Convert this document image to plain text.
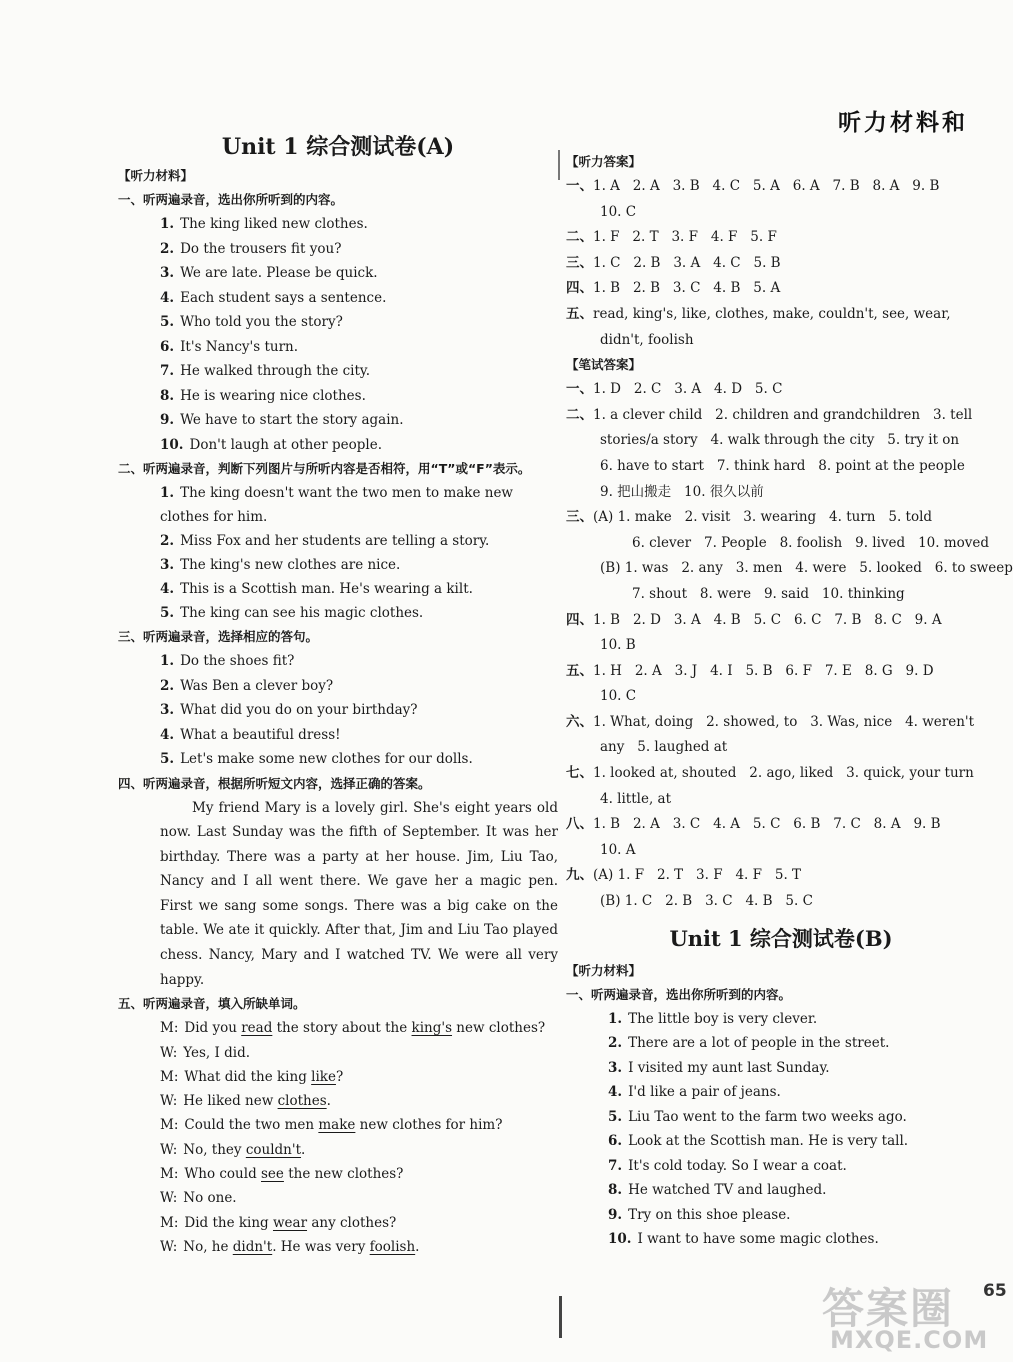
听力材料和
Unit 1 综合测试卷(A)
【听力材料】
一、听两遍录音，选出你所听到的内容。
1. The king liked new clothes.
2. Do the trousers fit you?
3. We are late. Please be quick.
4. Each student says a sentence.
5. Who told you the story?
6. It's Nancy's turn.
7. He walked through the city.
8. He is wearing nice clothes.
9. We have to start the story again.
10. Don't laugh at other people.
二、听两遍录音，判断下列图片与所听内容是否相符，用“T”或“F”表示。
1. The king doesn't want the two men to make new clothes for him.
2. Miss Fox and her students are telling a story.
3. The king's new clothes are nice.
4. This is a Scottish man. He's wearing a kilt.
5. The king can see his magic clothes.
三、听两遍录音，选择相应的答句。
1. Do the shoes fit?
2. Was Ben a clever boy?
3. What did you do on your birthday?
4. What a beautiful dress!
5. Let's make some new clothes for our dolls.
四、听两遍录音，根据所听短文内容，选择正确的答案。
My friend Mary is a lovely girl. She's eight years old now. Last Sunday was the fifth of September. It was her birthday. There was a party at her house. Jim, Liu Tao, Nancy and I all went there. We gave her a magic pen. First we sang some songs. There was a big cake on the table. We ate it quickly. After that, Jim and Liu Tao played chess. Nancy, Mary and I watched TV. We were all very happy.
五、听两遍录音，填入所缺单词。
M: Did you read the story about the king's new clothes?
W: Yes, I did.
M: What did the king like?
W: He liked new clothes.
M: Could the two men make new clothes for him?
W: No, they couldn't.
M: Who could see the new clothes?
W: No one.
M: Did the king wear any clothes?
W: No, he didn't. He was very foolish.
【听力答案】
一、1. A   2. A   3. B   4. C   5. A   6. A   7. B   8. A   9. B
10. C
二、1. F   2. T   3. F   4. F   5. F
三、1. C   2. B   3. A   4. C   5. B
四、1. B   2. B   3. C   4. B   5. A
五、read, king's, like, clothes, make, couldn't, see, wear,
didn't, foolish
【笔试答案】
一、1. D   2. C   3. A   4. D   5. C
二、1. a clever child   2. children and grandchildren   3. tell
stories/a story   4. walk through the city   5. try it on
6. have to start   7. think hard   8. point at the people
9. 把山搬走   10. 很久以前
三、(A) 1. make   2. visit   3. wearing   4. turn   5. told
6. clever   7. People   8. foolish   9. lived   10. moved
(B) 1. was   2. any   3. men   4. were   5. looked   6. to sweep
7. shout   8. were   9. said   10. thinking
四、1. B   2. D   3. A   4. B   5. C   6. C   7. B   8. C   9. A
10. B
五、1. H   2. A   3. J   4. I   5. B   6. F   7. E   8. G   9. D
10. C
六、1. What, doing   2. showed, to   3. Was, nice   4. weren't
any   5. laughed at
七、1. looked at, shouted   2. ago, liked   3. quick, your turn
4. little, at
八、1. B   2. A   3. C   4. A   5. C   6. B   7. C   8. A   9. B
10. A
九、(A) 1. F   2. T   3. F   4. F   5. T
(B) 1. C   2. B   3. C   4. B   5. C
Unit 1 综合测试卷(B)
【听力材料】
一、听两遍录音，选出你所听到的内容。
1. The little boy is very clever.
2. There are a lot of people in the street.
3. I visited my aunt last Sunday.
4. I'd like a pair of jeans.
5. Liu Tao went to the farm two weeks ago.
6. Look at the Scottish man. He is very tall.
7. It's cold today. So I wear a coat.
8. He watched TV and laughed.
9. Try on this shoe please.
10. I want to have some magic clothes.
答案圈
MXQE.COM
65
